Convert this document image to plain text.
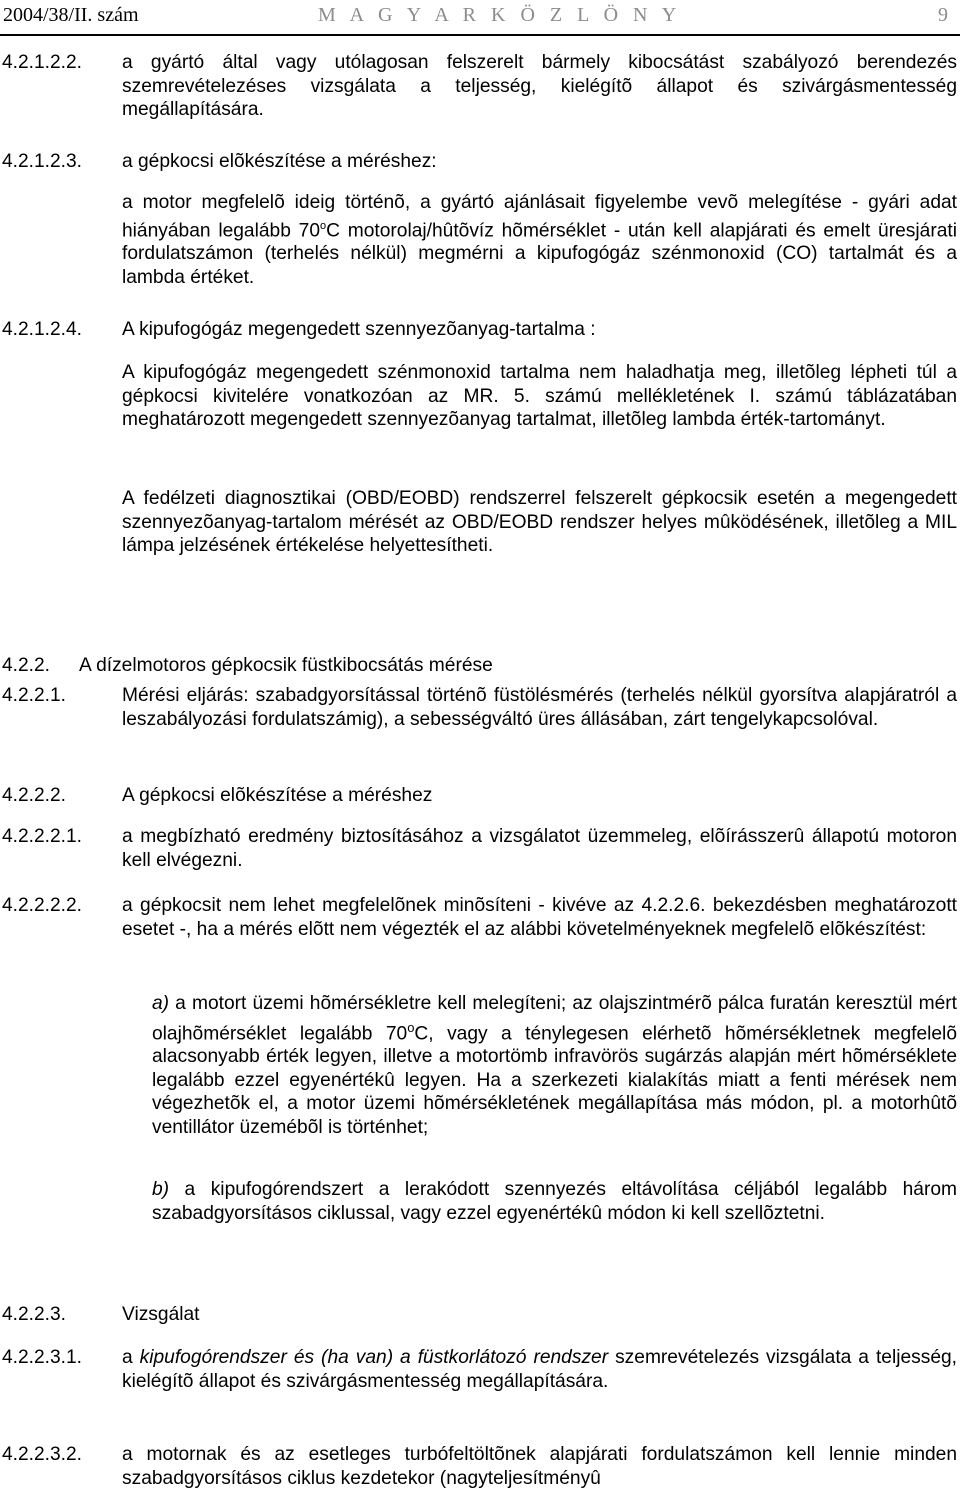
2004/38/II. szám	M A G Y A R K Ö Z L Ö N Y	9
4.2.1.2.2. a gyártó által vagy utólagosan felszerelt bármely kibocsátást szabályozó berendezés szemrevételezéses vizsgálata a teljesség, kielégítõ állapot és szivárgásmentesség megállapítására.
4.2.1.2.3. a gépkocsi elõkészítése a méréshez:
a motor megfelelõ ideig történõ, a gyártó ajánlásait figyelembe vevõ melegítése - gyári adat hiányában legalább 70$^o$C motorolaj/hûtõvíz hõmérséklet - után kell alapjárati és emelt üresjárati fordulatszámon (terhelés nélkül) megmérni a kipufogógáz szénmonoxid (CO) tartalmát és a lambda értéket.
4.2.1.2.4. A kipufogógáz megengedett szennyezõanyag-tartalma :
A kipufogógáz megengedett szénmonoxid tartalma nem haladhatja meg, illetõleg lépheti túl a gépkocsi kivitelére vonatkozóan az MR. 5. számú mellékletének I. számú táblázatában meghatározott megengedett szennyezõanyag tartalmat, illetõleg lambda érték-tartományt.
A fedélzeti diagnosztikai (OBD/EOBD) rendszerrel felszerelt gépkocsik esetén a megengedett szennyezõanyag-tartalom mérését az OBD/EOBD rendszer helyes mûködésének, illetõleg a MIL lámpa jelzésének értékelése helyettesítheti.
4.2.2. A dízelmotoros gépkocsik füstkibocsátás mérése
4.2.2.1.	Mérési eljárás: szabadgyorsítással történõ füstölésmérés (terhelés nélkül gyorsítva alapjáratról a leszabályozási fordulatszámig), a sebességváltó üres állásában, zárt tengelykapcsolóval.
4.2.2.2.	A gépkocsi elõkészítése a méréshez
4.2.2.2.1. a megbízható eredmény biztosításához a vizsgálatot üzemmeleg, elõírásszerû állapotú motoron kell elvégezni.
4.2.2.2.2. a gépkocsit nem lehet megfelelõnek minõsíteni - kivéve az 4.2.2.6. bekezdésben meghatározott esetet -, ha a mérés elõtt nem végezték el az alábbi követelményeknek megfelelõ elõkészítést:
a) a motort üzemi hõmérsékletre kell melegíteni; az olajszintmérõ pálca furatán keresztül mért olajhõmérséklet legalább 70$^o$C, vagy a ténylegesen elérhetõ hõmérsékletnek megfelelõ alacsonyabb érték legyen, illetve a motortömb infravörös sugárzás alapján mért hõmérséklete legalább ezzel egyenértékû legyen. Ha a szerkezeti kialakítás miatt a fenti mérések nem végezhetõk el, a motor üzemi hõmérsékletének megállapítása más módon, pl. a motorhûtõ ventillátor üzemébõl is történhet;
b) a kipufogórendszert a lerakódott szennyezés eltávolítása céljából legalább három szabadgyorsításos ciklussal, vagy ezzel egyenértékû módon ki kell szellõztetni.
4.2.2.3.	Vizsgálat
4.2.2.3.1. a kipufogórendszer és (ha van) a füstkorlátozó rendszer szemrevételezés vizsgálata a teljesség, kielégítõ állapot és szivárgásmentesség megállapítására.
4.2.2.3.2. a motornak és az esetleges turbófeltöltõnek alapjárati fordulatszámon kell lennie minden szabadgyorsításos ciklus kezdetekor (nagyteljesítményû
